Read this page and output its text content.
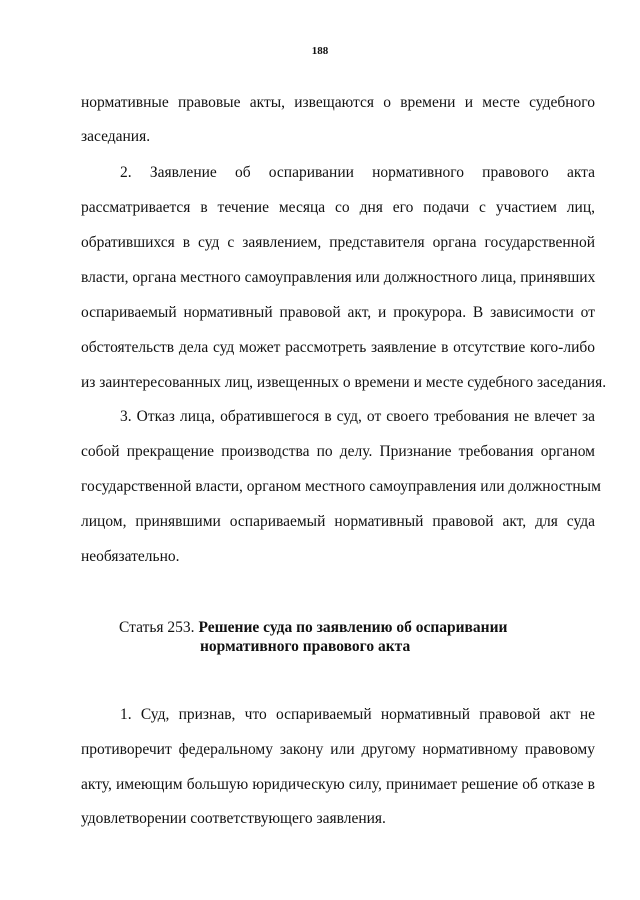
188
нормативные правовые акты, извещаются о времени и месте судебного
заседания.
2. Заявление об оспаривании нормативного правового акта
рассматривается в течение месяца со дня его подачи с участием лиц,
обратившихся в суд с заявлением, представителя органа государственной
власти, органа местного самоуправления или должностного лица, принявших
оспариваемый нормативный правовой акт, и прокурора. В зависимости от
обстоятельств дела суд может рассмотреть заявление в отсутствие кого-либо
из заинтересованных лиц, извещенных о времени и месте судебного заседания.
3. Отказ лица, обратившегося в суд, от своего требования не влечет за
собой прекращение производства по делу. Признание требования органом
государственной власти, органом местного самоуправления или должностным
лицом, принявшими оспариваемый нормативный правовой акт, для суда
необязательно.
Статья 253. Решение суда по заявлению об оспаривании
нормативного правового акта
1. Суд, признав, что оспариваемый нормативный правовой акт не
противоречит федеральному закону или другому нормативному правовому
акту, имеющим большую юридическую силу, принимает решение об отказе в
удовлетворении соответствующего заявления.
